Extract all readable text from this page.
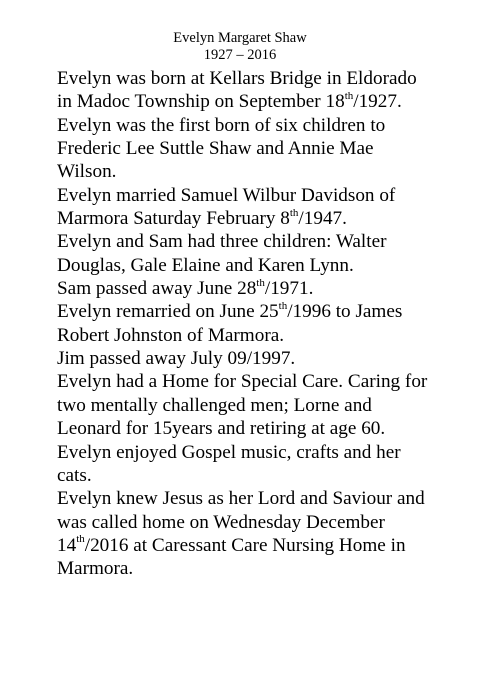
Evelyn Margaret Shaw
1927 – 2016
Evelyn was born at Kellars Bridge in Eldorado
in Madoc Township on September 18th/1927.
Evelyn was the first born of six children to
Frederic Lee Suttle Shaw and Annie Mae
Wilson.
Evelyn married Samuel Wilbur Davidson of
Marmora Saturday February 8th/1947.
Evelyn and Sam had three children: Walter
Douglas, Gale Elaine and Karen Lynn.
Sam passed away June 28th/1971.
Evelyn remarried on June 25th/1996 to James
Robert Johnston of Marmora.
Jim passed away July 09/1997.
Evelyn had a Home for Special Care. Caring for
two mentally challenged men; Lorne and
Leonard for 15years and retiring at age 60.
Evelyn enjoyed Gospel music, crafts and her
cats.
Evelyn knew Jesus as her Lord and Saviour and
was called home on Wednesday December
14th/2016 at Caressant Care Nursing Home in
Marmora.
